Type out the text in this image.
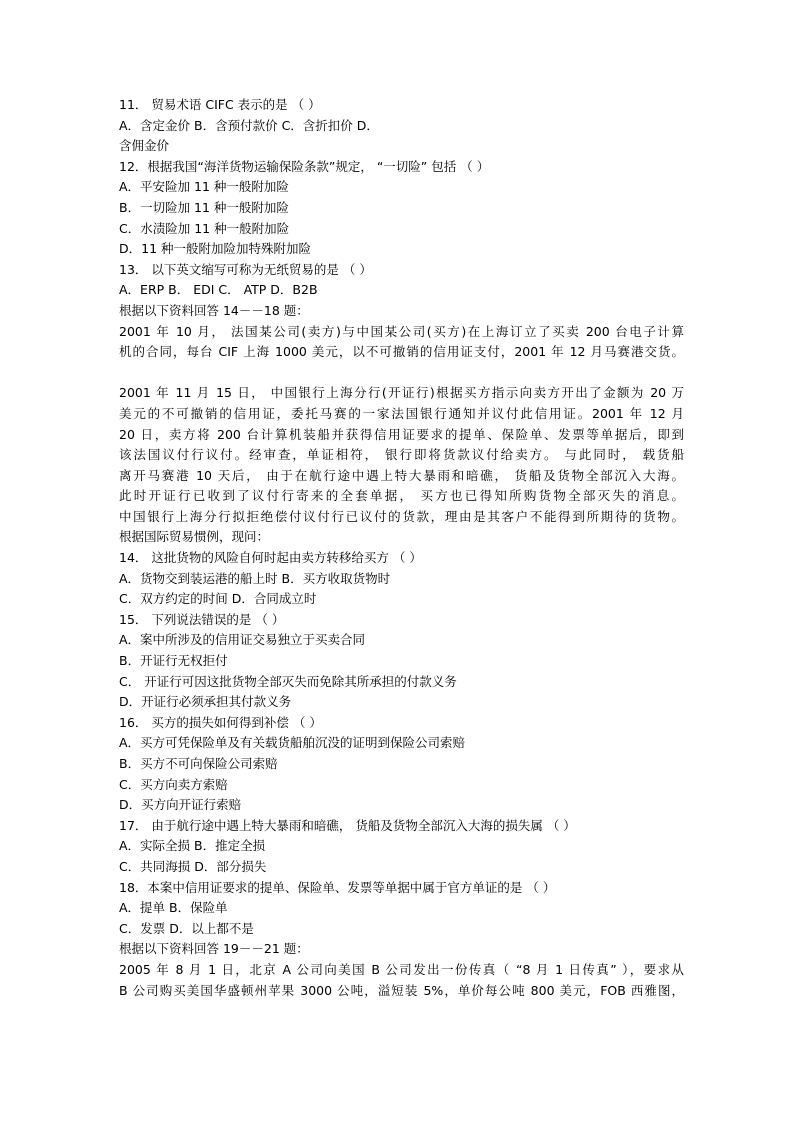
11． 贸易术语 CIFC 表示的是 （ ）
A．含定金价 B．含预付款价 C．含折扣价 D．
含佣金价
12．根据我国“海洋货物运输保险条款”规定， “一切险” 包括 （ ）
A．平安险加 11 种一般附加险
B．一切险加 11 种一般附加险
C．水渍险加 11 种一般附加险
D．11 种一般附加险加特殊附加险
13． 以下英文缩写可称为无纸贸易的是 （ ）
A．ERP B． EDI C． ATP D．B2B
根据以下资料回答 14－－18 题：
2001 年 10 月， 法国某公司(卖方)与中国某公司(买方)在上海订立了买卖 200 台电子计算
机的合同，每台 CIF 上海 1000 美元，以不可撤销的信用证支付，2001 年 12 月马赛港交货。
2001 年 11 月 15 日， 中国银行上海分行(开证行)根据买方指示向卖方开出了金额为 20 万
美元的不可撤销的信用证，委托马赛的一家法国银行通知并议付此信用证。2001 年 12 月
20 日，卖方将 200 台计算机装船并获得信用证要求的提单、保险单、发票等单据后，即到
该法国议付行议付。经审查，单证相符， 银行即将货款议付给卖方。 与此同时， 载货船
离开马赛港 10 天后， 由于在航行途中遇上特大暴雨和暗礁， 货船及货物全部沉入大海。
此时开证行已收到了议付行寄来的全套单据， 买方也已得知所购货物全部灭失的消息。
中国银行上海分行拟拒绝偿付议付行已议付的货款，理由是其客户不能得到所期待的货物。
根据国际贸易惯例，现问：
14． 这批货物的风险自何时起由卖方转移给买方 （ ）
A．货物交到装运港的船上时 B．买方收取货物时
C．双方约定的时间 D．合同成立时
15． 下列说法错误的是 （ ）
A．案中所涉及的信用证交易独立于买卖合同
B．开证行无权拒付
C． 开证行可因这批货物全部灭失而免除其所承担的付款义务
D．开证行必须承担其付款义务
16． 买方的损失如何得到补偿 （ ）
A．买方可凭保险单及有关载货船舶沉没的证明到保险公司索赔
B．买方不可向保险公司索赔
C．买方向卖方索赔
D．买方向开证行索赔
17． 由于航行途中遇上特大暴雨和暗礁， 货船及货物全部沉入大海的损失属 （ ）
A．实际全损 B．推定全损
C．共同海损 D．部分损失
18．本案中信用证要求的提单、保险单、发票等单据中属于官方单证的是 （ ）
A．提单 B．保险单
C．发票 D．以上都不是
根据以下资料回答 19－－21 题：
2005 年 8 月 1 日，北京 A 公司向美国 B 公司发出一份传真（ “8 月 1 日传真” ），要求从
B 公司购买美国华盛顿州苹果 3000 公吨，溢短装 5%，单价每公吨 800 美元，FOB 西雅图，
